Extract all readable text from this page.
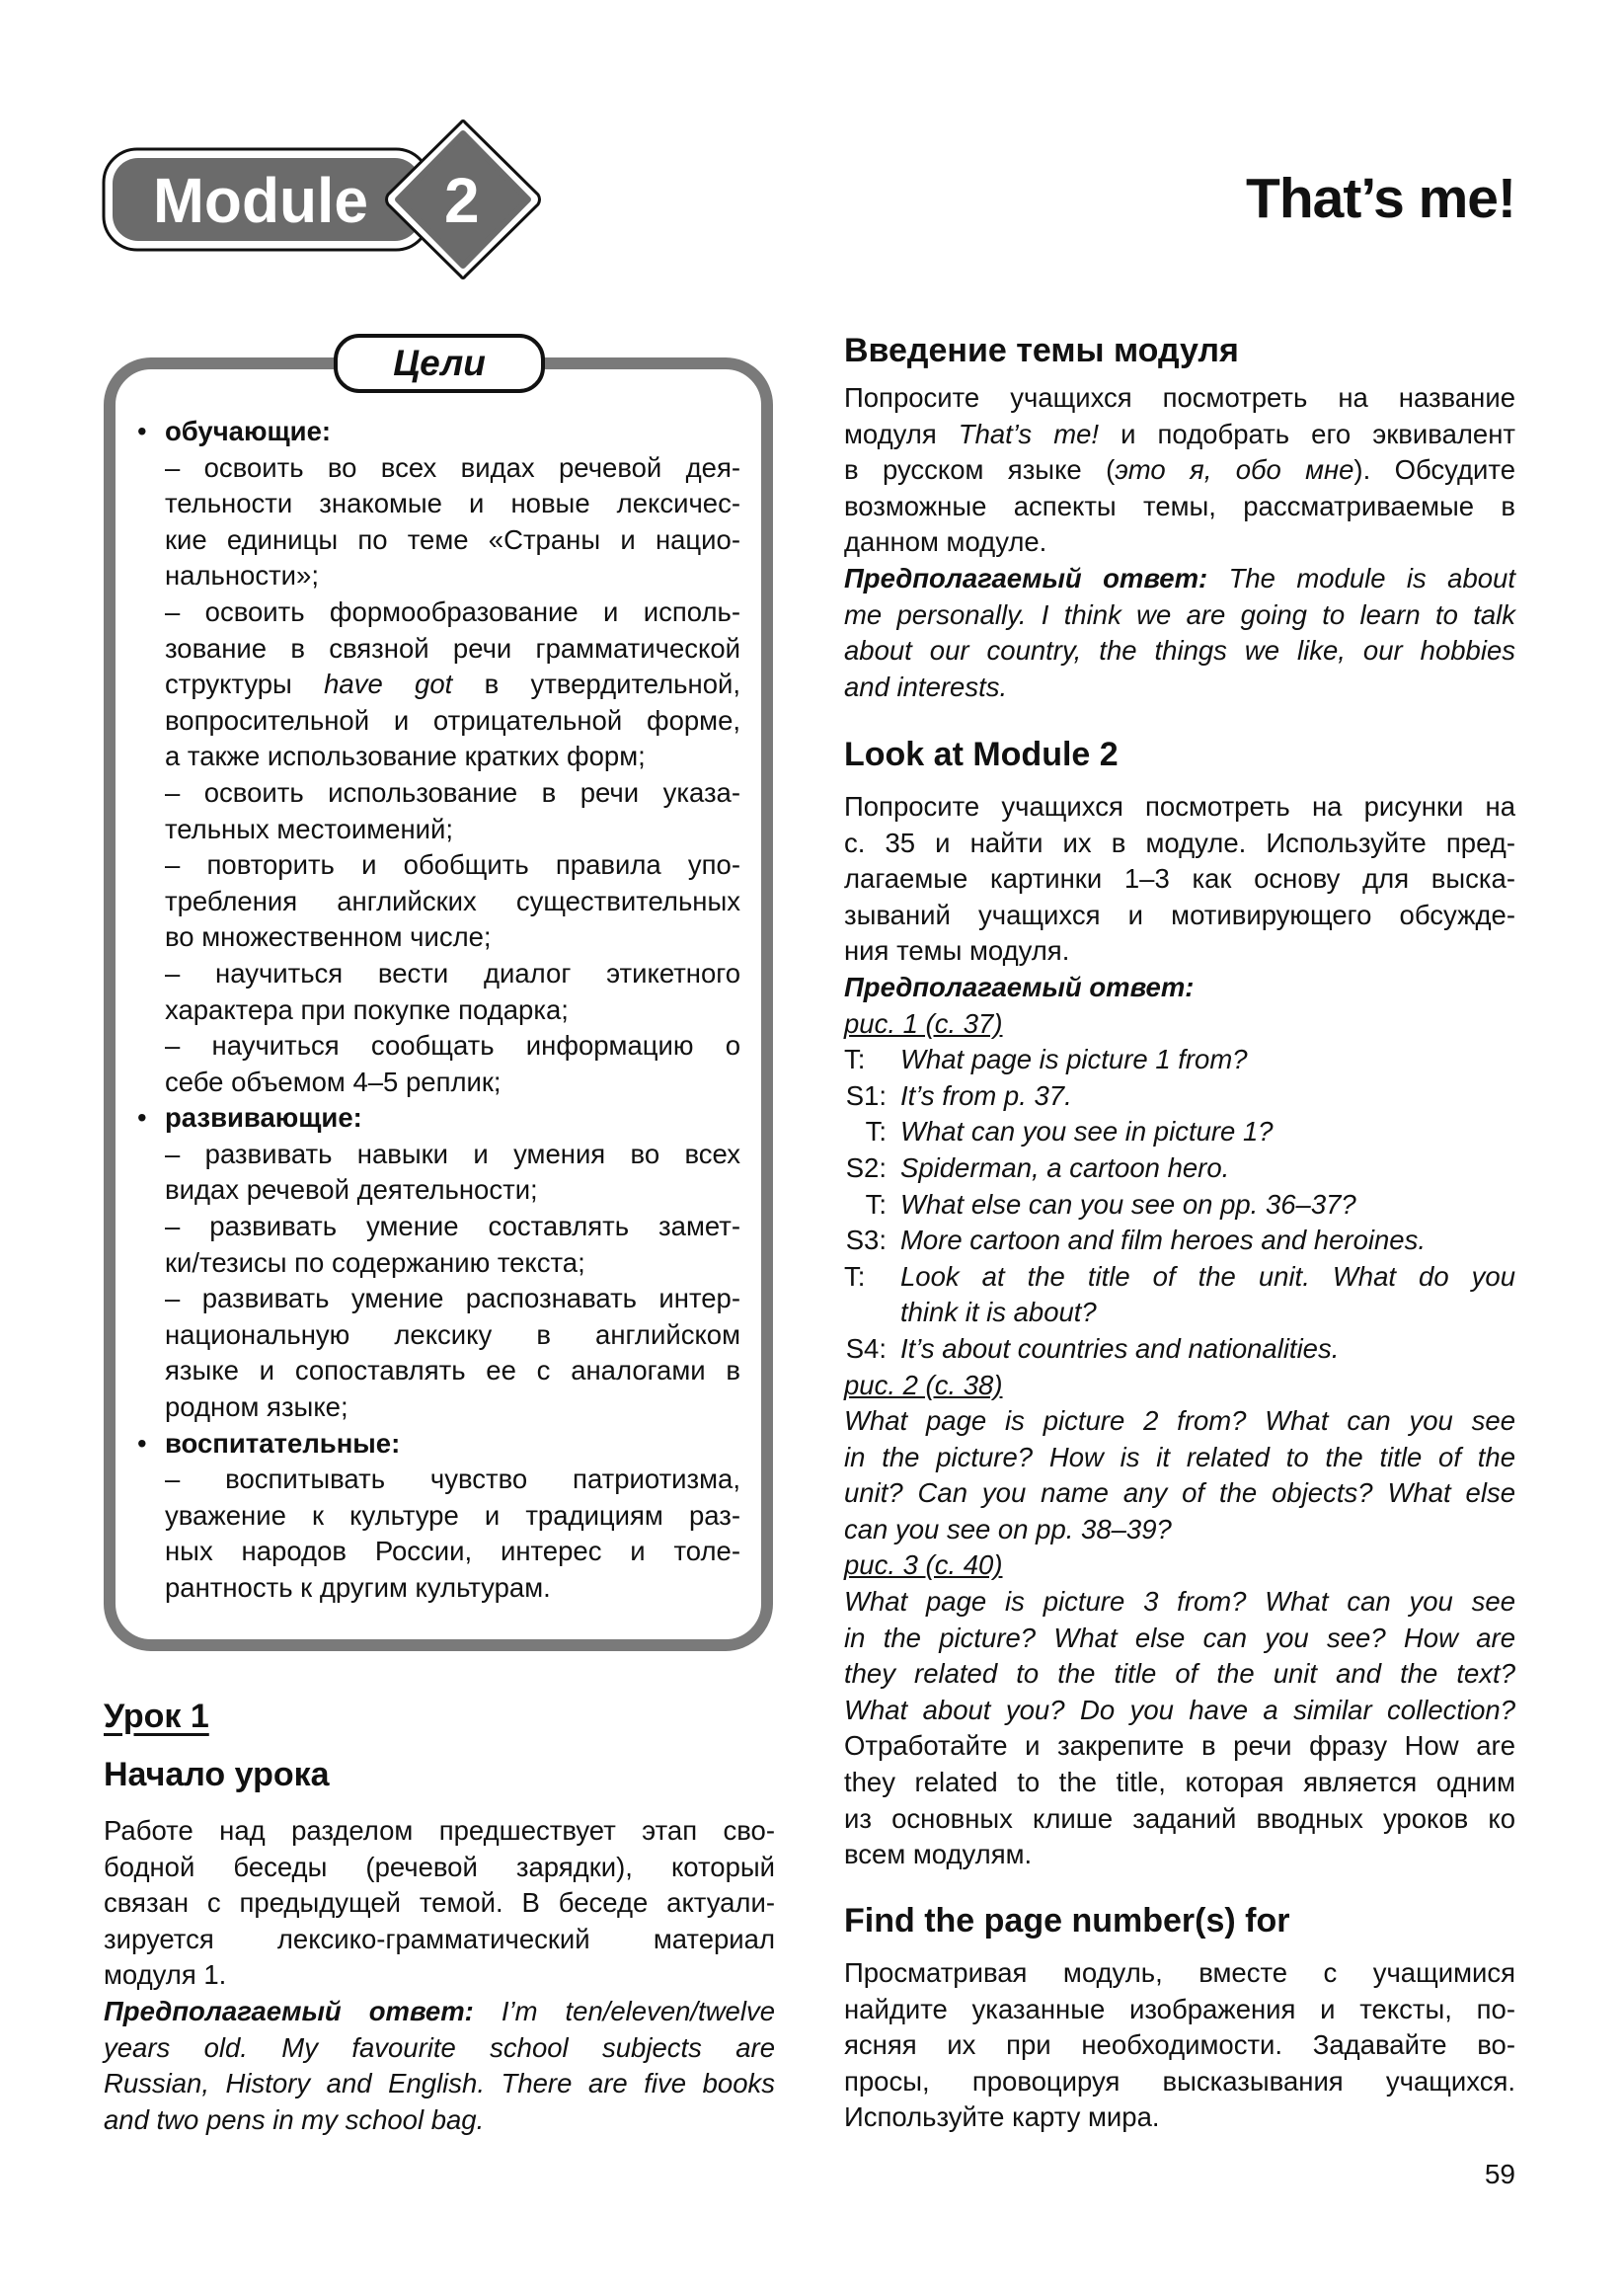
Module 2	That’s me!
Цели
• обучающие:
– освоить во всех видах речевой дея-
тельности знакомые и новые лексичес-
кие единицы по теме «Страны и нацио-
нальности»;
– освоить формообразование и исполь-
зование в связной речи грамматической
структуры have got в утвердительной,
вопросительной и отрицательной форме,
а также использование кратких форм;
– освоить использование в речи указа-
тельных местоимений;
– повторить и обобщить правила упо-
требления английских существительных
во множественном числе;
– научиться вести диалог этикетного
характера при покупке подарка;
– научиться сообщать информацию о
себе объемом 4–5 реплик;
• развивающие:
– развивать навыки и умения во всех
видах речевой деятельности;
– развивать умение составлять замет-
ки/тезисы по содержанию текста;
– развивать умение распознавать интер-
национальную лексику в английском
языке и сопоставлять ее с аналогами в
родном языке;
• воспитательные:
– воспитывать чувство патриотизма,
уважение к культуре и традициям раз-
ных народов России, интерес и толе-
рантность к другим культурам.
Урок 1
Начало урока
Работе над разделом предшествует этап сво-
бодной беседы (речевой зарядки), который
связан с предыдущей темой. В беседе актуали-
зируется лексико-грамматический материал
модуля 1.
Предполагаемый ответ: I’m ten/eleven/twelve
years old. My favourite school subjects are
Russian, History and English. There are five books
and two pens in my school bag.
Введение темы модуля
Попросите учащихся посмотреть на название
модуля That’s me! и подобрать его эквивалент
в русском языке (это я, обо мне). Обсудите
возможные аспекты темы, рассматриваемые в
данном модуле.
Предполагаемый ответ: The module is about
me personally. I think we are going to learn to talk
about our country, the things we like, our hobbies
and interests.
Look at Module 2
Попросите учащихся посмотреть на рисунки на
с. 35 и найти их в модуле. Используйте пред-
лагаемые картинки 1–3 как основу для выска-
зываний учащихся и мотивирующего обсужде-
ния темы модуля.
Предполагаемый ответ:
рис. 1 (с. 37)
T: What page is picture 1 from?
S1: It’s from p. 37.
T: What can you see in picture 1?
S2: Spiderman, a cartoon hero.
T: What else can you see on pp. 36–37?
S3: More cartoon and film heroes and heroines.
T: Look at the title of the unit. What do you
think it is about?
S4: It’s about countries and nationalities.
рис. 2 (с. 38)
What page is picture 2 from? What can you see
in the picture? How is it related to the title of the
unit? Can you name any of the objects? What else
can you see on pp. 38–39?
рис. 3 (с. 40)
What page is picture 3 from? What can you see
in the picture? What else can you see? How are
they related to the title of the unit and the text?
What about you? Do you have a similar collection?
Отработайте и закрепите в речи фразу How are
they related to the title, которая является одним
из основных клише заданий вводных уроков ко
всем модулям.
Find the page number(s) for
Просматривая модуль, вместе с учащимися
найдите указанные изображения и тексты, по-
ясняя их при необходимости. Задавайте во-
просы, провоцируя высказывания учащихся.
Используйте карту мира.
59
